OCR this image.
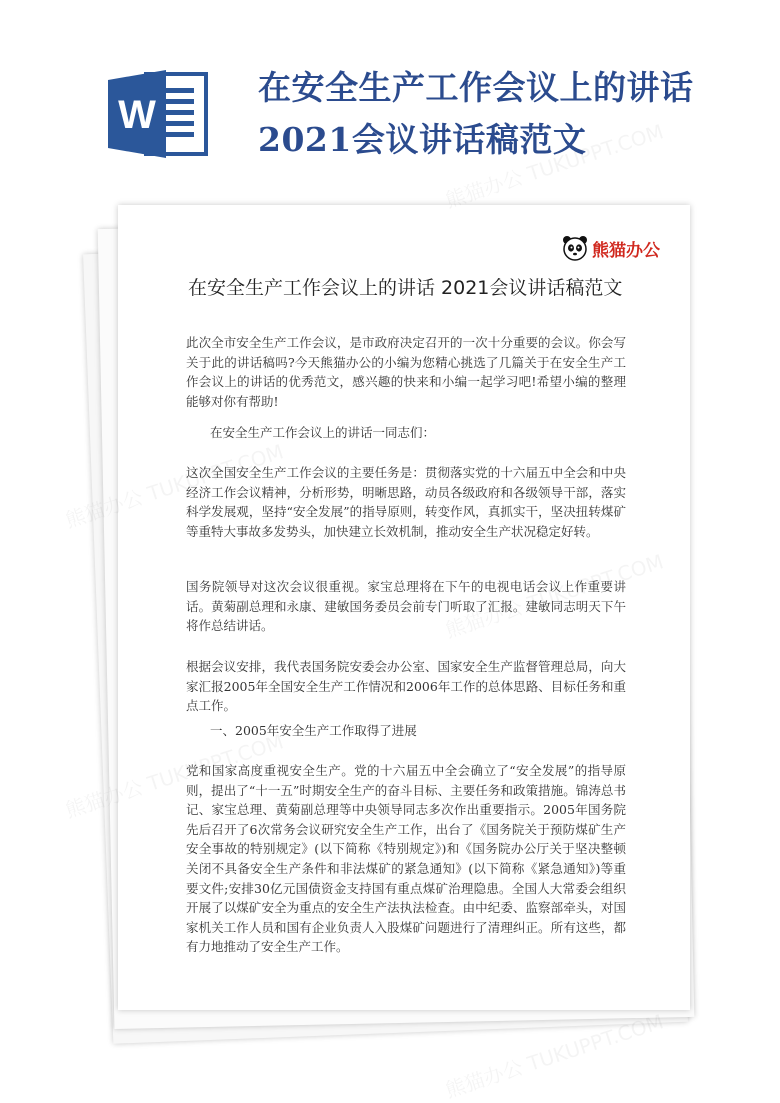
W
在安全生产工作会议上的讲话
2021会议讲话稿范文
熊猫办公
在安全生产工作会议上的讲话 2021会议讲话稿范文

此次全市安全生产工作会议，是市政府决定召开的一次十分重要的会议。你会写关于此的讲话稿吗?今天熊猫办公的小编为您精心挑选了几篇关于在安全生产工作会议上的讲话的优秀范文，感兴趣的快来和小编一起学习吧!希望小编的整理能够对你有帮助!

在安全生产工作会议上的讲话一同志们：

这次全国安全生产工作会议的主要任务是：贯彻落实党的十六届五中全会和中央经济工作会议精神，分析形势，明晰思路，动员各级政府和各级领导干部，落实科学发展观，坚持“安全发展”的指导原则，转变作风，真抓实干，坚决扭转煤矿等重特大事故多发势头，加快建立长效机制，推动安全生产状况稳定好转。

国务院领导对这次会议很重视。家宝总理将在下午的电视电话会议上作重要讲话。黄菊副总理和永康、建敏国务委员会前专门听取了汇报。建敏同志明天下午将作总结讲话。

根据会议安排，我代表国务院安委会办公室、国家安全生产监督管理总局，向大家汇报2005年全国安全生产工作情况和2006年工作的总体思路、目标任务和重点工作。

一、2005年安全生产工作取得了进展

党和国家高度重视安全生产。党的十六届五中全会确立了“安全发展”的指导原则，提出了“十一五”时期安全生产的奋斗目标、主要任务和政策措施。锦涛总书记、家宝总理、黄菊副总理等中央领导同志多次作出重要指示。2005年国务院先后召开了6次常务会议研究安全生产工作，出台了《国务院关于预防煤矿生产安全事故的特别规定》(以下简称《特别规定》)和《国务院办公厅关于坚决整顿关闭不具备安全生产条件和非法煤矿的紧急通知》(以下简称《紧急通知》)等重要文件;安排30亿元国债资金支持国有重点煤矿治理隐患。全国人大常委会组织开展了以煤矿安全为重点的安全生产法执法检查。由中纪委、监察部牵头，对国家机关工作人员和国有企业负责人入股煤矿问题进行了清理纠正。所有这些，都有力地推动了安全生产工作。
